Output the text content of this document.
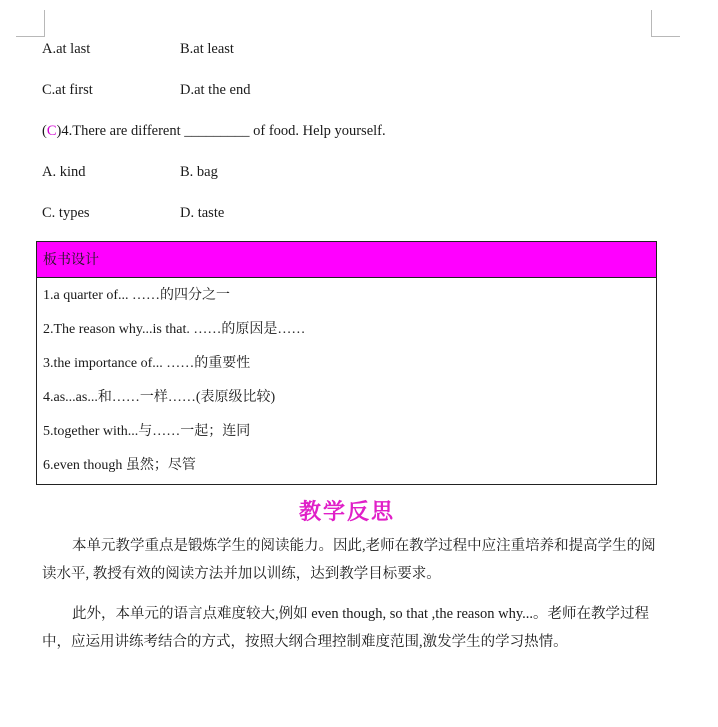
A.at last	B.at least
C.at first	D.at the end
(C)4.There are different _________ of food. Help yourself.
A. kind	B. bag
C. types	D. taste
板书设计
1.a quarter of... ……的四分之一
2.The reason why...is that. ……的原因是……
3.the importance of... ……的重要性
4.as...as...和……一样……(表原级比较)
5.together with...与……一起；连同
6.even though 虽然；尽管
教学反思

本单元教学重点是锻炼学生的阅读能力。因此,老师在教学过程中应注重培养和提高学生的阅读水平, 教授有效的阅读方法并加以训练，达到教学目标要求。

此外，本单元的语言点难度较大,例如 even though, so that ,the reason why...。老师在教学过程中，应运用讲练考结合的方式，按照大纲合理控制难度范围,激发学生的学习热情。
